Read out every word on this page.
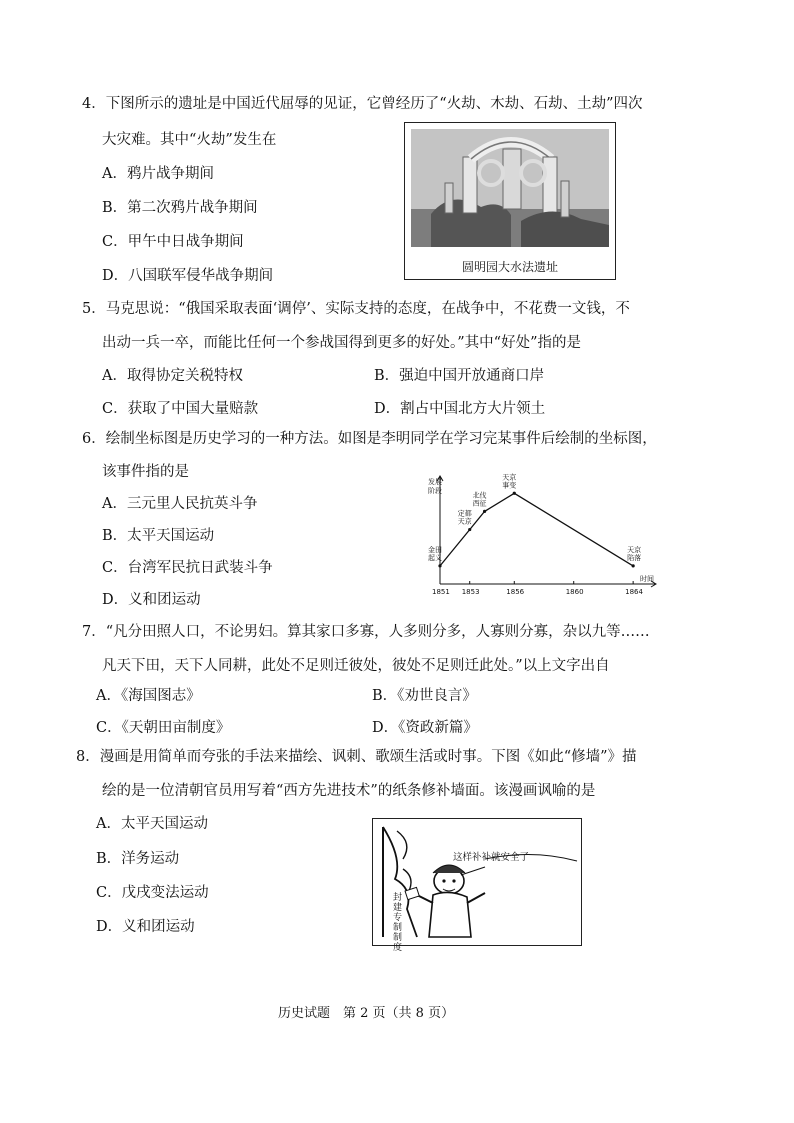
4．下图所示的遗址是中国近代屈辱的见证，它曾经历了“火劫、木劫、石劫、土劫”四次
大灾难。其中“火劫”发生在
A．鸦片战争期间
B．第二次鸦片战争期间
C．甲午中日战争期间
D．八国联军侵华战争期间
圆明园大水法遗址
5．马克思说：“俄国采取表面‘调停’、实际支持的态度，在战争中，不花费一文钱，不
出动一兵一卒，而能比任何一个参战国得到更多的好处。”其中“好处”指的是
A．取得协定关税特权	B．强迫中国开放通商口岸
C．获取了中国大量赔款	D．割占中国北方大片领土
6．绘制坐标图是历史学习的一种方法。如图是李明同学在学习完某事件后绘制的坐标图，
该事件指的是
A．三元里人民抗英斗争
B．太平天国运动
C．台湾军民抗日武装斗争
D．义和团运动
发展
阶段
时间
1851 1853	1856	1860	1864
金田
起义
定都
天京
北伐
西征
天京
事变
天京
陷落
7．“凡分田照人口，不论男妇。算其家口多寡，人多则分多，人寡则分寡，杂以九等……
凡天下田，天下人同耕，此处不足则迁彼处，彼处不足则迁此处。”以上文字出自
A．《海国图志》	B．《劝世良言》
C．《天朝田亩制度》	D．《资政新篇》
8．漫画是用简单而夸张的手法来描绘、讽刺、歌颂生活或时事。下图《如此“修墙”》描
绘的是一位清朝官员用写着“西方先进技术”的纸条修补墙面。该漫画讽喻的是
A．太平天国运动
B．洋务运动
C．戊戌变法运动
D．义和团运动
这样补补就安全了
封建专制制度
历史试题　第 2 页（共 8 页）
